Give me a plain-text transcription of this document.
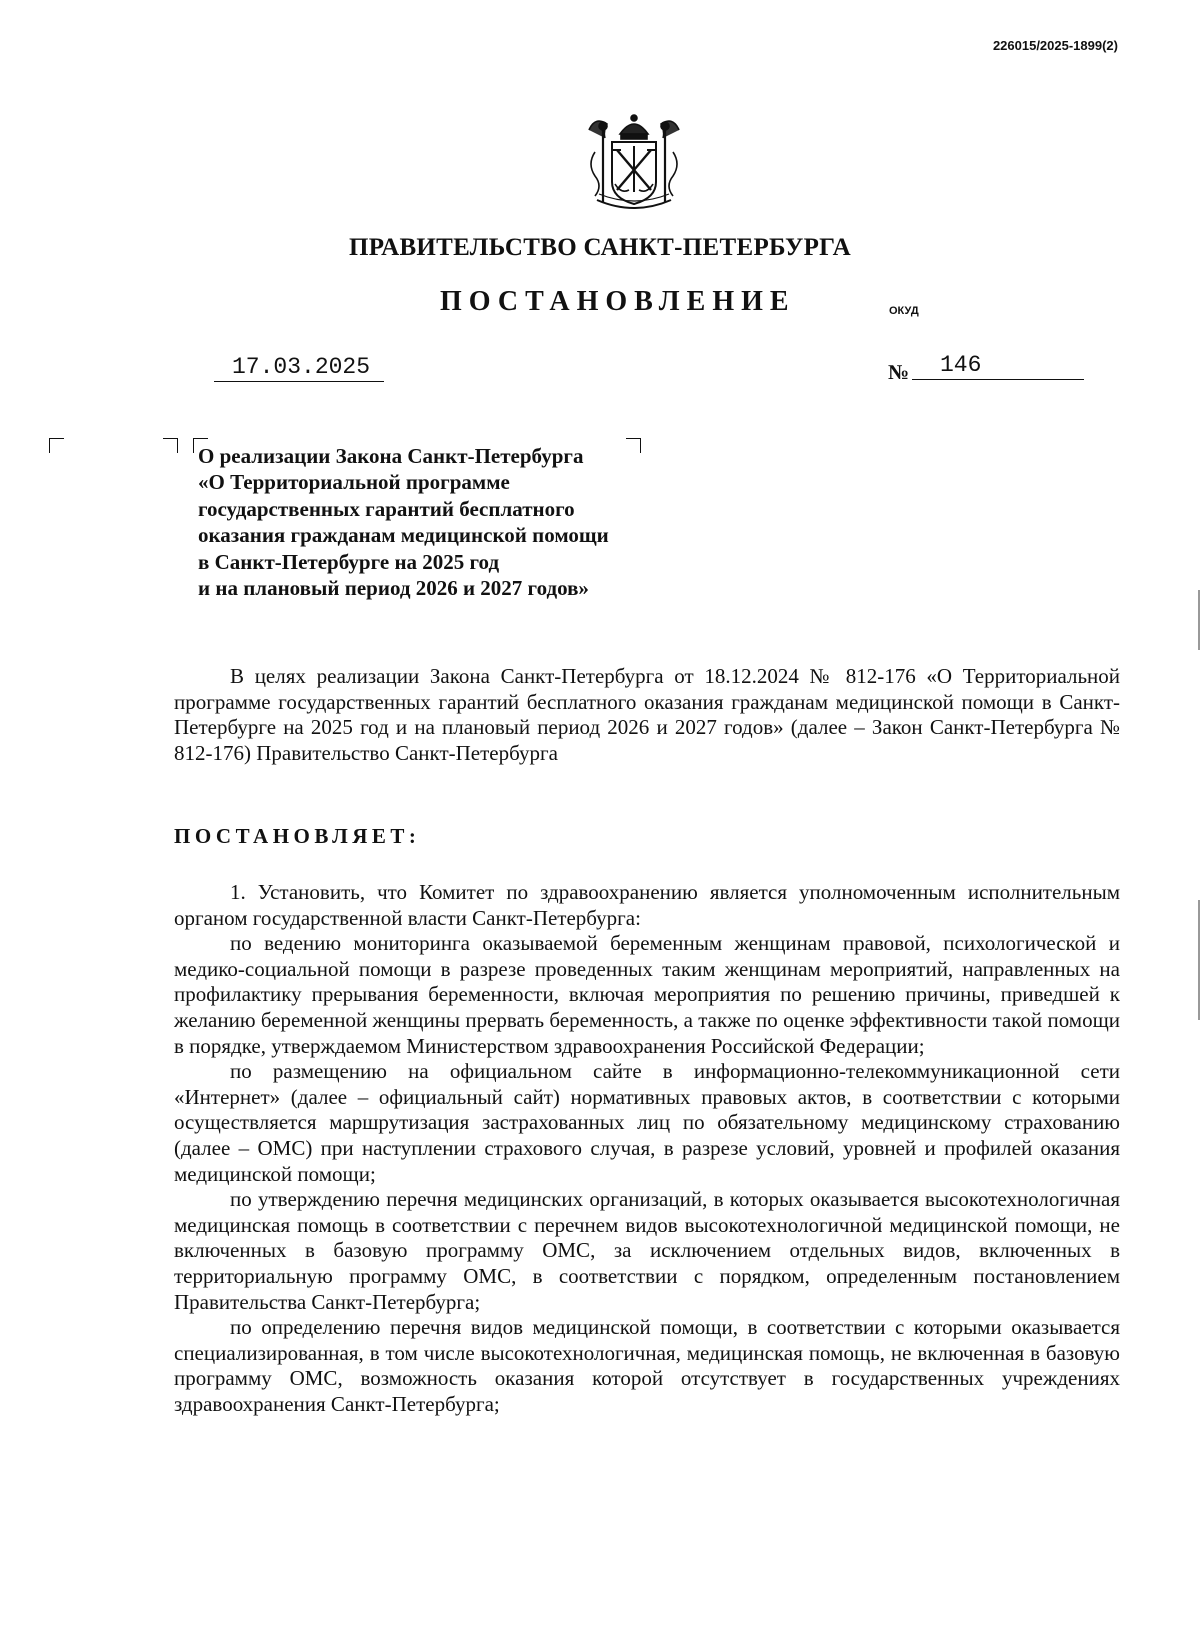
226015/2025-1899(2)
ПРАВИТЕЛЬСТВО САНКТ-ПЕТЕРБУРГА
ПОСТАНОВЛЕНИЕ	ОКУД
17.03.2025	№	146
О реализации Закона Санкт-Петербурга
«О Территориальной программе
государственных гарантий бесплатного
оказания гражданам медицинской помощи
в Санкт-Петербурге на 2025 год
и на плановый период 2026 и 2027 годов»

В целях реализации Закона Санкт-Петербурга от 18.12.2024 № 812-176 «О Территориальной программе государственных гарантий бесплатного оказания гражданам медицинской помощи в Санкт-Петербурге на 2025 год и на плановый период 2026 и 2027 годов» (далее – Закон Санкт-Петербурга № 812-176) Правительство Санкт-Петербурга

ПОСТАНОВЛЯЕТ:

1. Установить, что Комитет по здравоохранению является уполномоченным исполнительным органом государственной власти Санкт-Петербурга:

по ведению мониторинга оказываемой беременным женщинам правовой, психологической и медико-социальной помощи в разрезе проведенных таким женщинам мероприятий, направленных на профилактику прерывания беременности, включая мероприятия по решению причины, приведшей к желанию беременной женщины прервать беременность, а также по оценке эффективности такой помощи в порядке, утверждаемом Министерством здравоохранения Российской Федерации;

по размещению на официальном сайте в информационно-телекоммуникационной сети «Интернет» (далее – официальный сайт) нормативных правовых актов, в соответствии с которыми осуществляется маршрутизация застрахованных лиц по обязательному медицинскому страхованию (далее – ОМС) при наступлении страхового случая, в разрезе условий, уровней и профилей оказания медицинской помощи;

по утверждению перечня медицинских организаций, в которых оказывается высокотехнологичная медицинская помощь в соответствии с перечнем видов высокотехнологичной медицинской помощи, не включенных в базовую программу ОМС, за исключением отдельных видов, включенных в территориальную программу ОМС, в соответствии с порядком, определенным постановлением Правительства Санкт-Петербурга;

по определению перечня видов медицинской помощи, в соответствии с которыми оказывается специализированная, в том числе высокотехнологичная, медицинская помощь, не включенная в базовую программу ОМС, возможность оказания которой отсутствует в государственных учреждениях здравоохранения Санкт-Петербурга;
